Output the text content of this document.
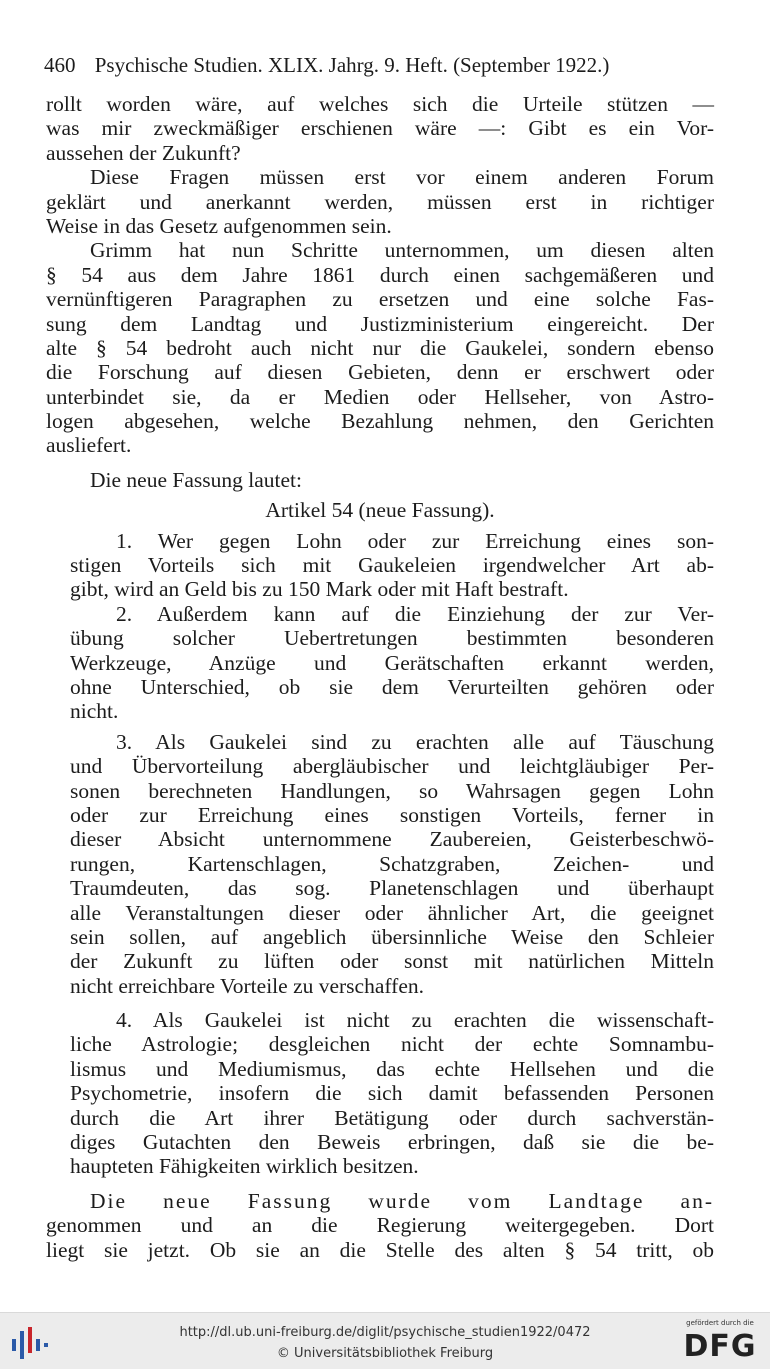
460 Psychische Studien. XLIX. Jahrg. 9. Heft. (September 1922.)
rollt worden wäre, auf welches sich die Urteile stützen —
was mir zweckmäßiger erschienen wäre —: Gibt es ein Vor-
aussehen der Zukunft?
Diese Fragen müssen erst vor einem anderen Forum
geklärt und anerkannt werden, müssen erst in richtiger
Weise in das Gesetz aufgenommen sein.
Grimm hat nun Schritte unternommen, um diesen alten
§ 54 aus dem Jahre 1861 durch einen sachgemäßeren und
vernünftigeren Paragraphen zu ersetzen und eine solche Fas-
sung dem Landtag und Justizministerium eingereicht. Der
alte § 54 bedroht auch nicht nur die Gaukelei, sondern ebenso
die Forschung auf diesen Gebieten, denn er erschwert oder
unterbindet sie, da er Medien oder Hellseher, von Astro-
logen abgesehen, welche Bezahlung nehmen, den Gerichten
ausliefert.
Die neue Fassung lautet:
Artikel 54 (neue Fassung).
1. Wer gegen Lohn oder zur Erreichung eines son-
stigen Vorteils sich mit Gaukeleien irgendwelcher Art ab-
gibt, wird an Geld bis zu 150 Mark oder mit Haft bestraft.
2. Außerdem kann auf die Einziehung der zur Ver-
übung solcher Uebertretungen bestimmten besonderen
Werkzeuge, Anzüge und Gerätschaften erkannt werden,
ohne Unterschied, ob sie dem Verurteilten gehören oder
nicht.
3. Als Gaukelei sind zu erachten alle auf Täuschung
und Übervorteilung abergläubischer und leichtgläubiger Per-
sonen berechneten Handlungen, so Wahrsagen gegen Lohn
oder zur Erreichung eines sonstigen Vorteils, ferner in
dieser Absicht unternommene Zaubereien, Geisterbeschwö-
rungen, Kartenschlagen, Schatzgraben, Zeichen- und
Traumdeuten, das sog. Planetenschlagen und überhaupt
alle Veranstaltungen dieser oder ähnlicher Art, die geeignet
sein sollen, auf angeblich übersinnliche Weise den Schleier
der Zukunft zu lüften oder sonst mit natürlichen Mitteln
nicht erreichbare Vorteile zu verschaffen.
4. Als Gaukelei ist nicht zu erachten die wissenschaft-
liche Astrologie; desgleichen nicht der echte Somnambu-
lismus und Mediumismus, das echte Hellsehen und die
Psychometrie, insofern die sich damit befassenden Personen
durch die Art ihrer Betätigung oder durch sachverstän-
diges Gutachten den Beweis erbringen, daß sie die be-
haupteten Fähigkeiten wirklich besitzen.
Die neue Fassung wurde vom Landtage an-
genommen und an die Regierung weitergegeben. Dort
liegt sie jetzt. Ob sie an die Stelle des alten § 54 tritt, ob
http://dl.ub.uni-freiburg.de/diglit/psychische_studien1922/0472
© Universitätsbibliothek Freiburg
gefördert durch die
DFG
